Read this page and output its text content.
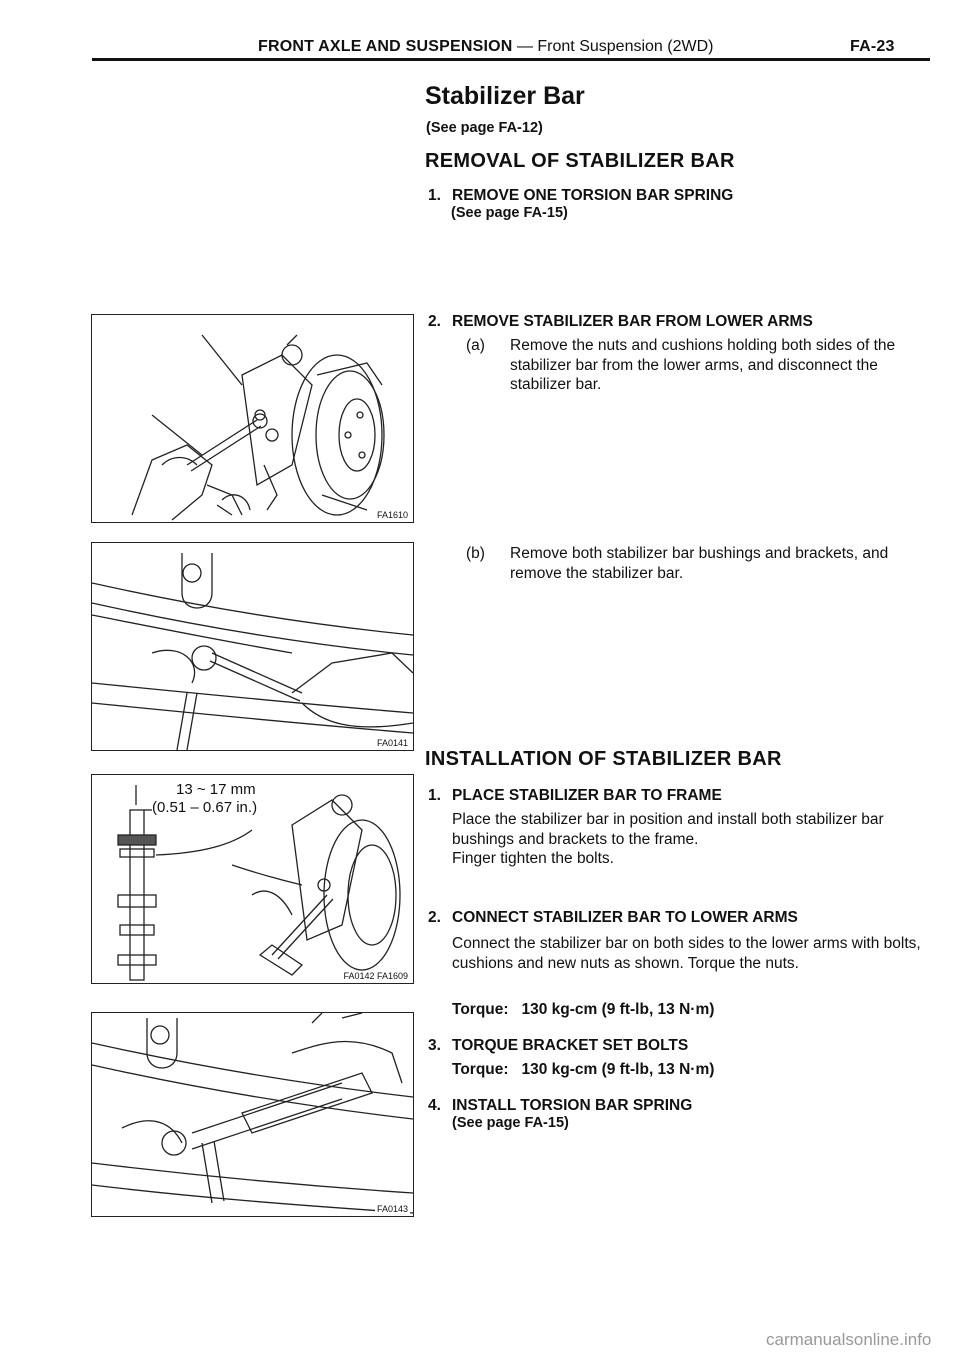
FRONT AXLE AND SUSPENSION — Front Suspension (2WD)	FA-23
Stabilizer Bar
(See page FA-12)
REMOVAL OF STABILIZER BAR
1. REMOVE ONE TORSION BAR SPRING
(See page FA-15)
2. REMOVE STABILIZER BAR FROM LOWER ARMS
(a) Remove the nuts and cushions holding both sides of the stabilizer bar from the lower arms, and disconnect the stabilizer bar.
(b) Remove both stabilizer bar bushings and brackets, and remove the stabilizer bar.
INSTALLATION OF STABILIZER BAR
1. PLACE STABILIZER BAR TO FRAME
Place the stabilizer bar in position and install both stabilizer bar bushings and brackets to the frame.
Finger tighten the bolts.
2. CONNECT STABILIZER BAR TO LOWER ARMS
Connect the stabilizer bar on both sides to the lower arms with bolts, cushions and new nuts as shown. Torque the nuts.
Torque: 130 kg-cm (9 ft-lb, 13 N·m)
3. TORQUE BRACKET SET BOLTS
Torque: 130 kg-cm (9 ft-lb, 13 N·m)
4. INSTALL TORSION BAR SPRING
(See page FA-15)
FA1610
FA0141
13 ~ 17 mm
(0.51 – 0.67 in.)
FA0142 FA1609
FA0143
carmanualsonline.info
